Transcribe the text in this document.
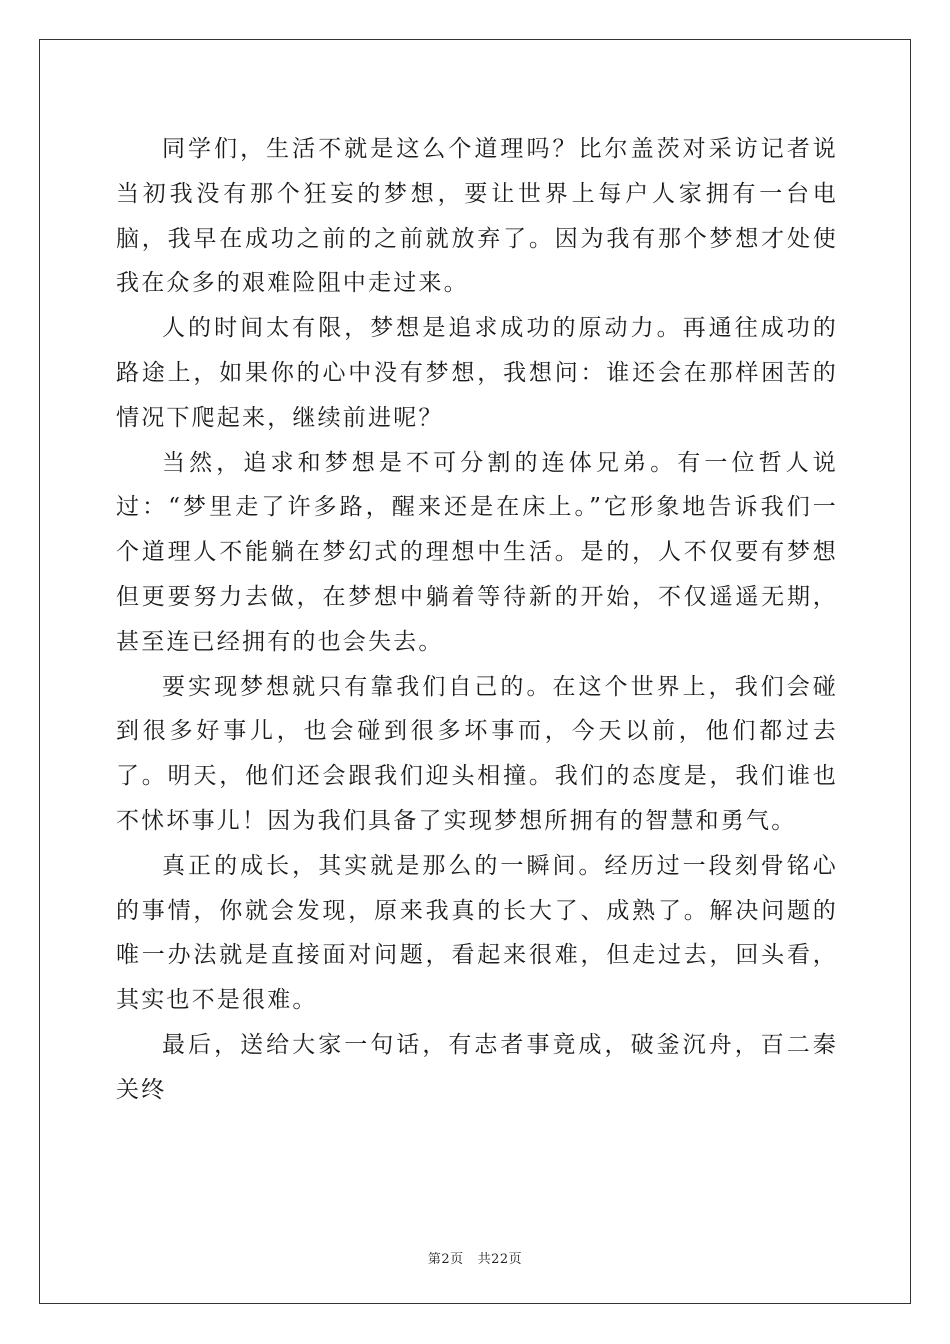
同学们，生活不就是这么个道理吗？比尔盖茨对采访记者说当初我没有那个狂妄的梦想，要让世界上每户人家拥有一台电脑，我早在成功之前的之前就放弃了。因为我有那个梦想才处使我在众多的艰难险阻中走过来。

人的时间太有限，梦想是追求成功的原动力。再通往成功的路途上，如果你的心中没有梦想，我想问：谁还会在那样困苦的情况下爬起来，继续前进呢？

当然，追求和梦想是不可分割的连体兄弟。有一位哲人说过：“梦里走了许多路，醒来还是在床上。”它形象地告诉我们一个道理人不能躺在梦幻式的理想中生活。是的，人不仅要有梦想但更要努力去做，在梦想中躺着等待新的开始，不仅遥遥无期，甚至连已经拥有的也会失去。

要实现梦想就只有靠我们自己的。在这个世界上，我们会碰到很多好事儿，也会碰到很多坏事而，今天以前，他们都过去了。明天，他们还会跟我们迎头相撞。我们的态度是，我们谁也不怵坏事儿！因为我们具备了实现梦想所拥有的智慧和勇气。

真正的成长，其实就是那么的一瞬间。经历过一段刻骨铭心的事情，你就会发现，原来我真的长大了、成熟了。解决问题的唯一办法就是直接面对问题，看起来很难，但走过去，回头看，其实也不是很难。

最后，送给大家一句话，有志者事竟成，破釜沉舟，百二秦关终

第2页 共22页
